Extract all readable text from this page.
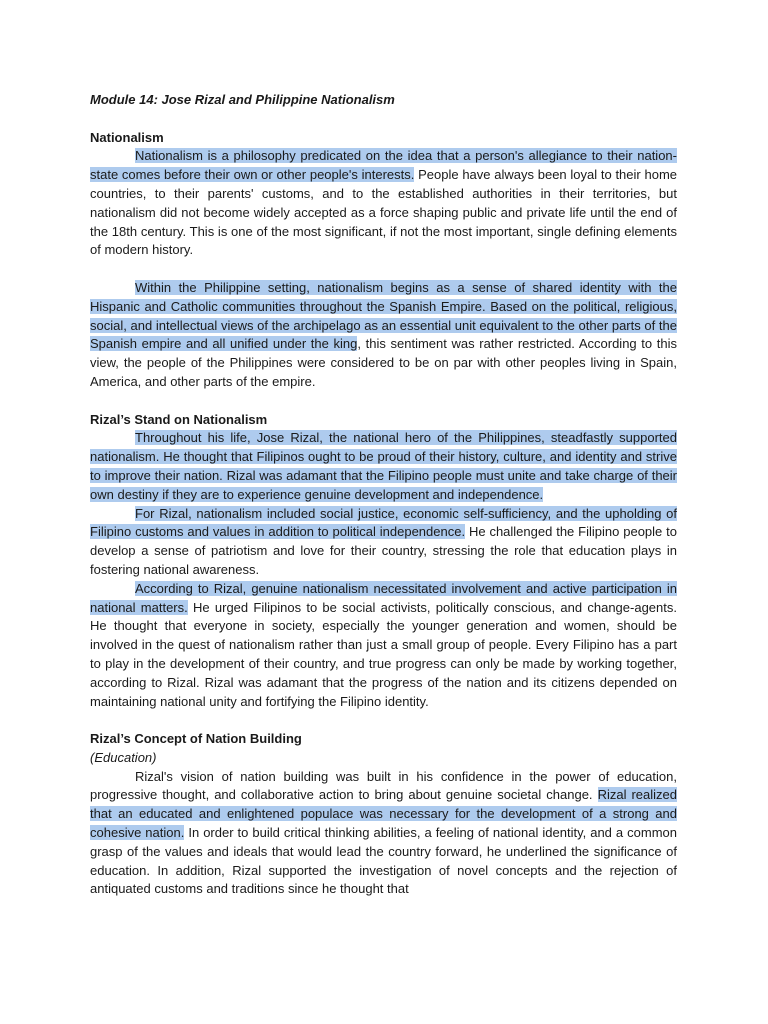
Module 14: Jose Rizal and Philippine Nationalism

Nationalism

Nationalism is a philosophy predicated on the idea that a person's allegiance to their nation-state comes before their own or other people's interests. People have always been loyal to their home countries, to their parents' customs, and to the established authorities in their territories, but nationalism did not become widely accepted as a force shaping public and private life until the end of the 18th century. This is one of the most significant, if not the most important, single defining elements of modern history.

Within the Philippine setting, nationalism begins as a sense of shared identity with the Hispanic and Catholic communities throughout the Spanish Empire. Based on the political, religious, social, and intellectual views of the archipelago as an essential unit equivalent to the other parts of the Spanish empire and all unified under the king, this sentiment was rather restricted. According to this view, the people of the Philippines were considered to be on par with other peoples living in Spain, America, and other parts of the empire.

Rizal’s Stand on Nationalism

Throughout his life, Jose Rizal, the national hero of the Philippines, steadfastly supported nationalism. He thought that Filipinos ought to be proud of their history, culture, and identity and strive to improve their nation. Rizal was adamant that the Filipino people must unite and take charge of their own destiny if they are to experience genuine development and independence.

For Rizal, nationalism included social justice, economic self-sufficiency, and the upholding of Filipino customs and values in addition to political independence. He challenged the Filipino people to develop a sense of patriotism and love for their country, stressing the role that education plays in fostering national awareness.

According to Rizal, genuine nationalism necessitated involvement and active participation in national matters. He urged Filipinos to be social activists, politically conscious, and change-agents. He thought that everyone in society, especially the younger generation and women, should be involved in the quest of nationalism rather than just a small group of people. Every Filipino has a part to play in the development of their country, and true progress can only be made by working together, according to Rizal. Rizal was adamant that the progress of the nation and its citizens depended on maintaining national unity and fortifying the Filipino identity.

Rizal’s Concept of Nation Building

(Education)

Rizal's vision of nation building was built in his confidence in the power of education, progressive thought, and collaborative action to bring about genuine societal change. Rizal realized that an educated and enlightened populace was necessary for the development of a strong and cohesive nation. In order to build critical thinking abilities, a feeling of national identity, and a common grasp of the values and ideals that would lead the country forward, he underlined the significance of education. In addition, Rizal supported the investigation of novel concepts and the rejection of antiquated customs and traditions since he thought that
